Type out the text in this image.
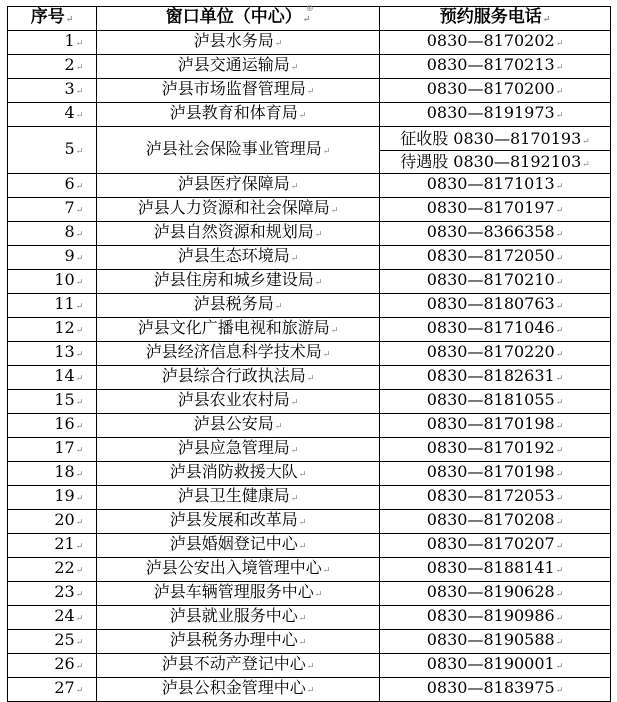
⊕
序号↵	窗口单位（中心）↵	预约服务电话↵
1↵	泸县水务局↵	0830—8170202↵
2↵	泸县交通运输局↵	0830—8170213↵
3↵	泸县市场监督管理局↵	0830—8170200↵
4↵	泸县教育和体育局↵	0830—8191973↵
5↵	泸县社会保险事业管理局↵	征收股 0830—8170193↵
待遇股 0830—8192103↵

6↵	泸县医疗保障局↵	0830—8171013↵
7↵	泸县人力资源和社会保障局↵	0830—8170197↵
8↵	泸县自然资源和规划局↵	0830—8366358↵
9↵	泸县生态环境局↵	0830—8172050↵
10↵	泸县住房和城乡建设局↵	0830—8170210↵
11↵	泸县税务局↵	0830—8180763↵
12↵	泸县文化广播电视和旅游局↵	0830—8171046↵
13↵	泸县经济信息科学技术局↵	0830—8170220↵
14↵	泸县综合行政执法局↵	0830—8182631↵
15↵	泸县农业农村局↵	0830—8181055↵
16↵	泸县公安局↵	0830—8170198↵
17↵	泸县应急管理局↵	0830—8170192↵
18↵	泸县消防救援大队↵	0830—8170198↵
19↵	泸县卫生健康局↵	0830—8172053↵
20↵	泸县发展和改革局↵	0830—8170208↵
21↵	泸县婚姻登记中心↵	0830—8170207↵
22↵	泸县公安出入境管理中心↵	0830—8188141↵
23↵	泸县车辆管理服务中心↵	0830—8190628↵
24↵	泸县就业服务中心↵	0830—8190986↵
25↵	泸县税务办理中心↵	0830—8190588↵
26↵	泸县不动产登记中心↵	0830—8190001↵
27↵	泸县公积金管理中心↵	0830—8183975↵
